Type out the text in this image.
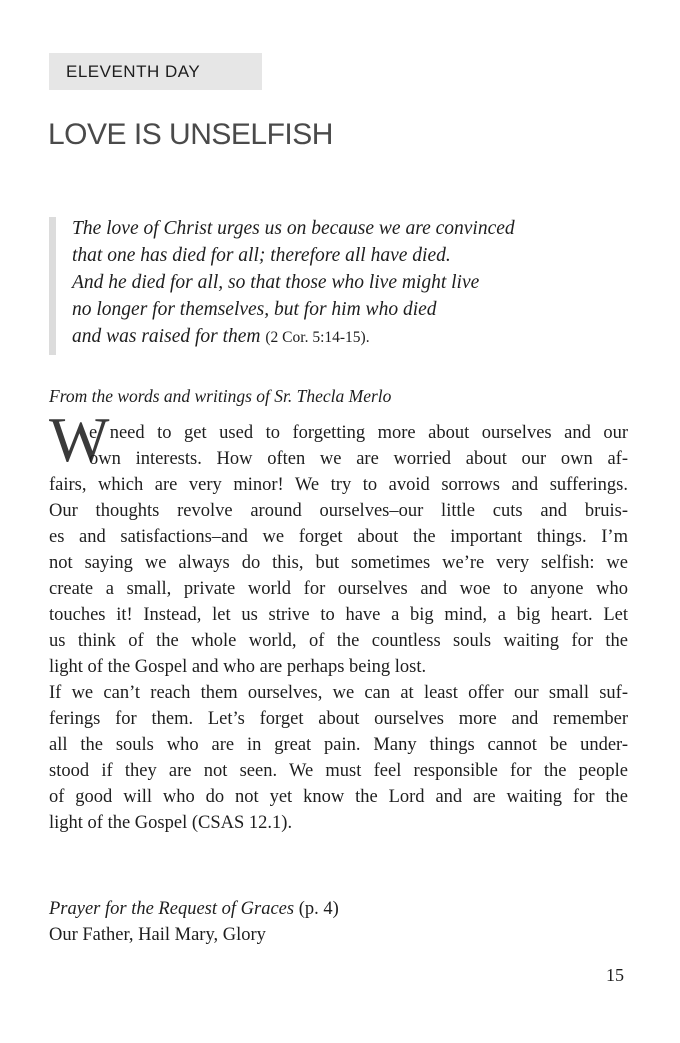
ELEVENTH DAY
LOVE IS UNSELFISH
The love of Christ urges us on because we are convinced
that one has died for all; therefore all have died.
And he died for all, so that those who live might live
no longer for themselves, but for him who died
and was raised for them (2 Cor. 5:14-15).
From the words and writings of Sr. Thecla Merlo
W
e need to get used to forgetting more about ourselves and our
own interests. How often we are worried about our own af-
fairs, which are very minor! We try to avoid sorrows and sufferings.
Our thoughts revolve around ourselves–our little cuts and bruis-
es and satisfactions–and we forget about the important things. I’m
not saying we always do this, but sometimes we’re very selfish: we
create a small, private world for ourselves and woe to anyone who
touches it! Instead, let us strive to have a big mind, a big heart. Let
us think of the whole world, of the countless souls waiting for the
light of the Gospel and who are perhaps being lost.
If we can’t reach them ourselves, we can at least offer our small suf-
ferings for them. Let’s forget about ourselves more and remember
all the souls who are in great pain. Many things cannot be under-
stood if they are not seen. We must feel responsible for the people
of good will who do not yet know the Lord and are waiting for the
light of the Gospel (CSAS 12.1).
Prayer for the Request of Graces (p. 4)
Our Father, Hail Mary, Glory
15
